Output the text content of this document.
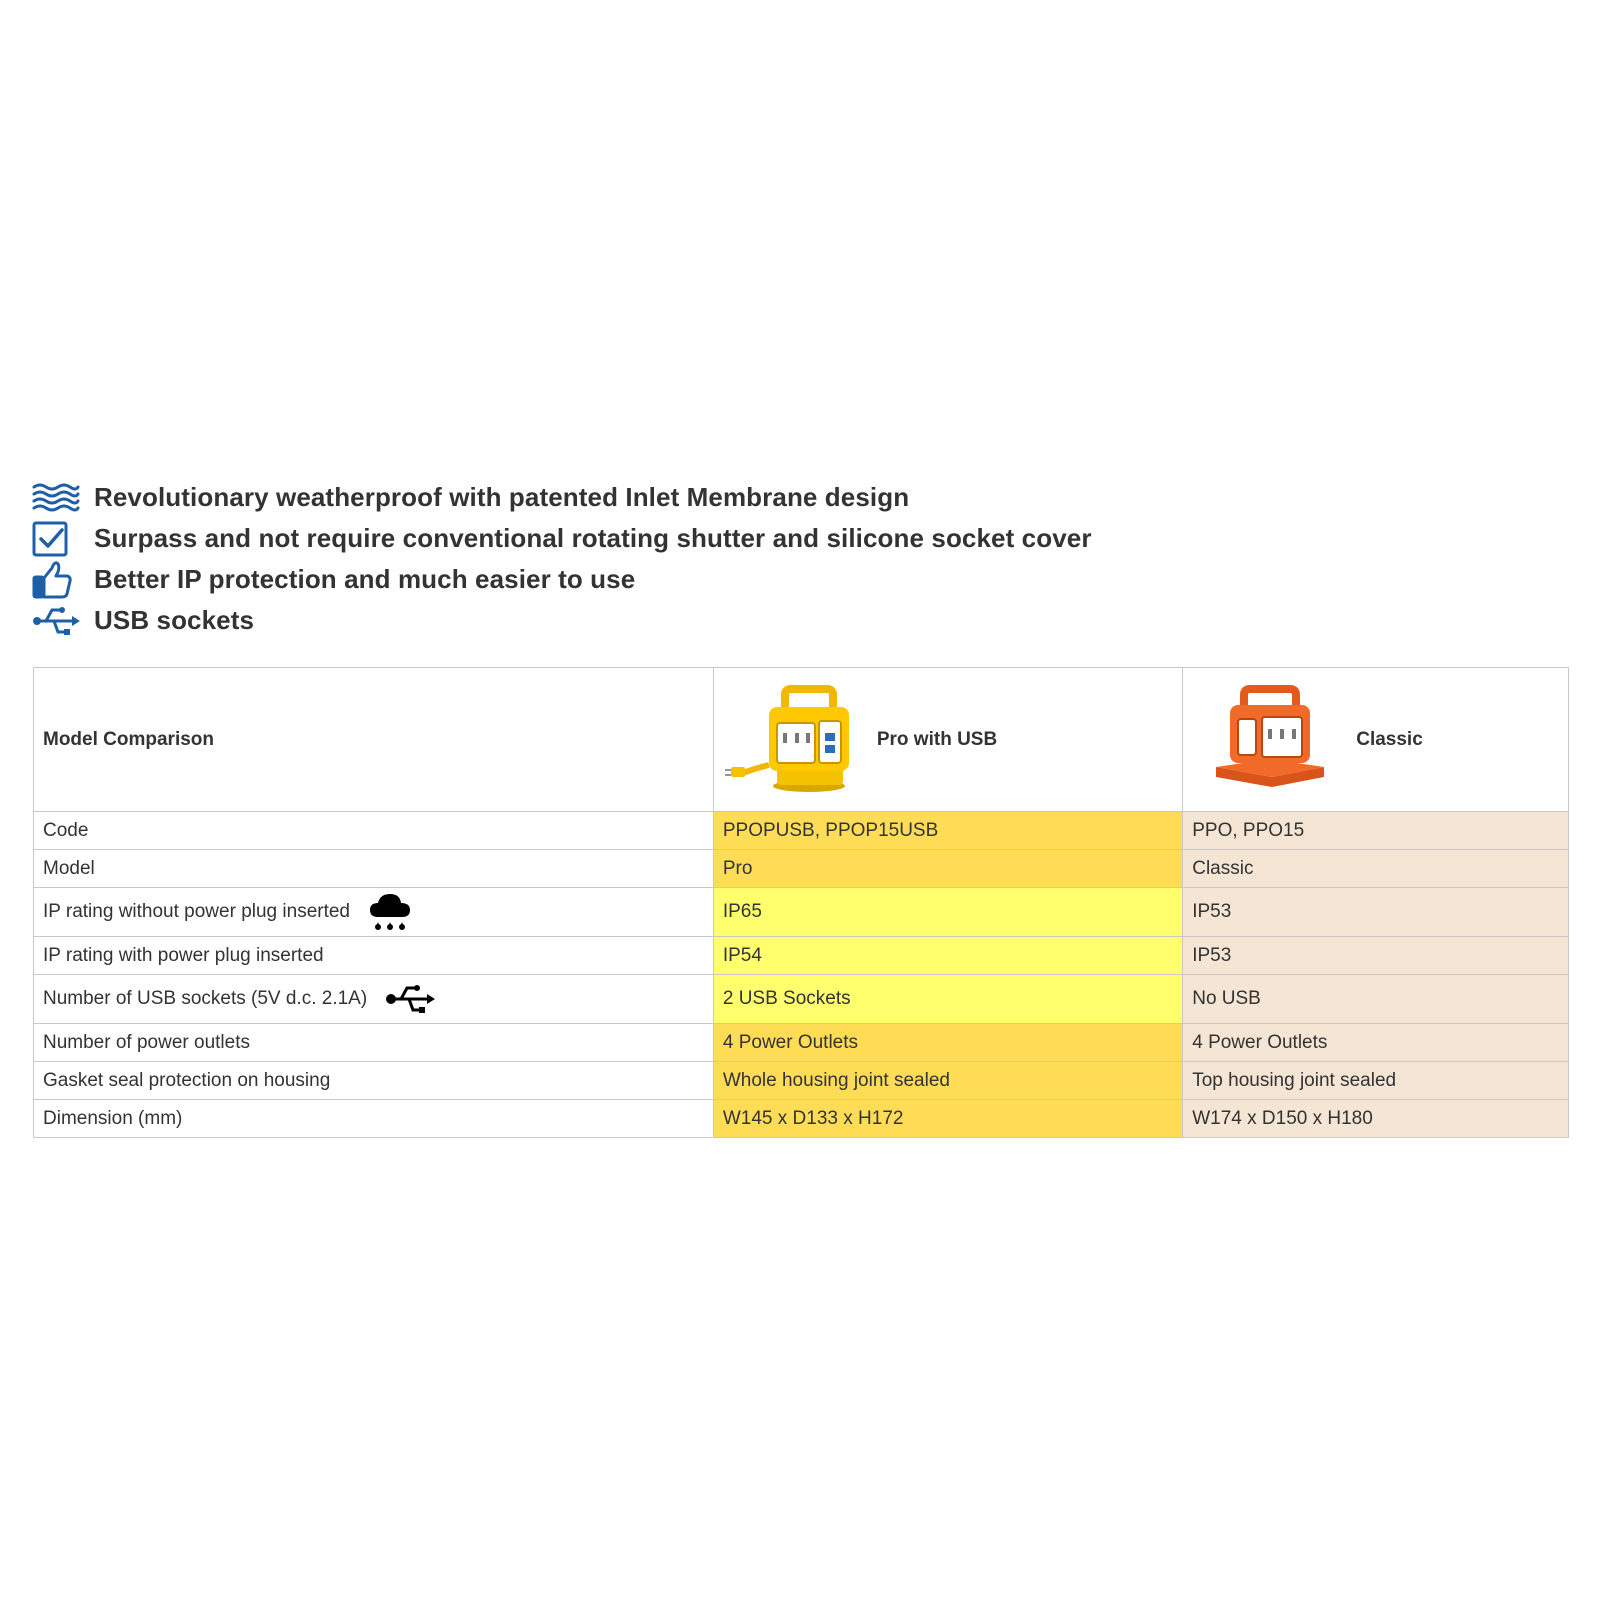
Revolutionary weatherproof with patented Inlet Membrane design
Surpass and not require conventional rotating shutter and silicone socket cover
Better IP protection and much easier to use
USB sockets
Model Comparison	Pro with USB	Classic

Code	PPOPUSB, PPOP15USB	PPO, PPO15
Model	Pro	Classic

IP rating without power plug inserted	IP65	IP53
IP rating with power plug inserted	IP54	IP53

Number of USB sockets (5V d.c. 2.1A)	2 USB Sockets	No USB
Number of power outlets	4 Power Outlets	4 Power Outlets
Gasket seal protection on housing	Whole housing joint sealed	Top housing joint sealed
Dimension (mm)	W145 x D133 x H172	W174 x D150 x H180
